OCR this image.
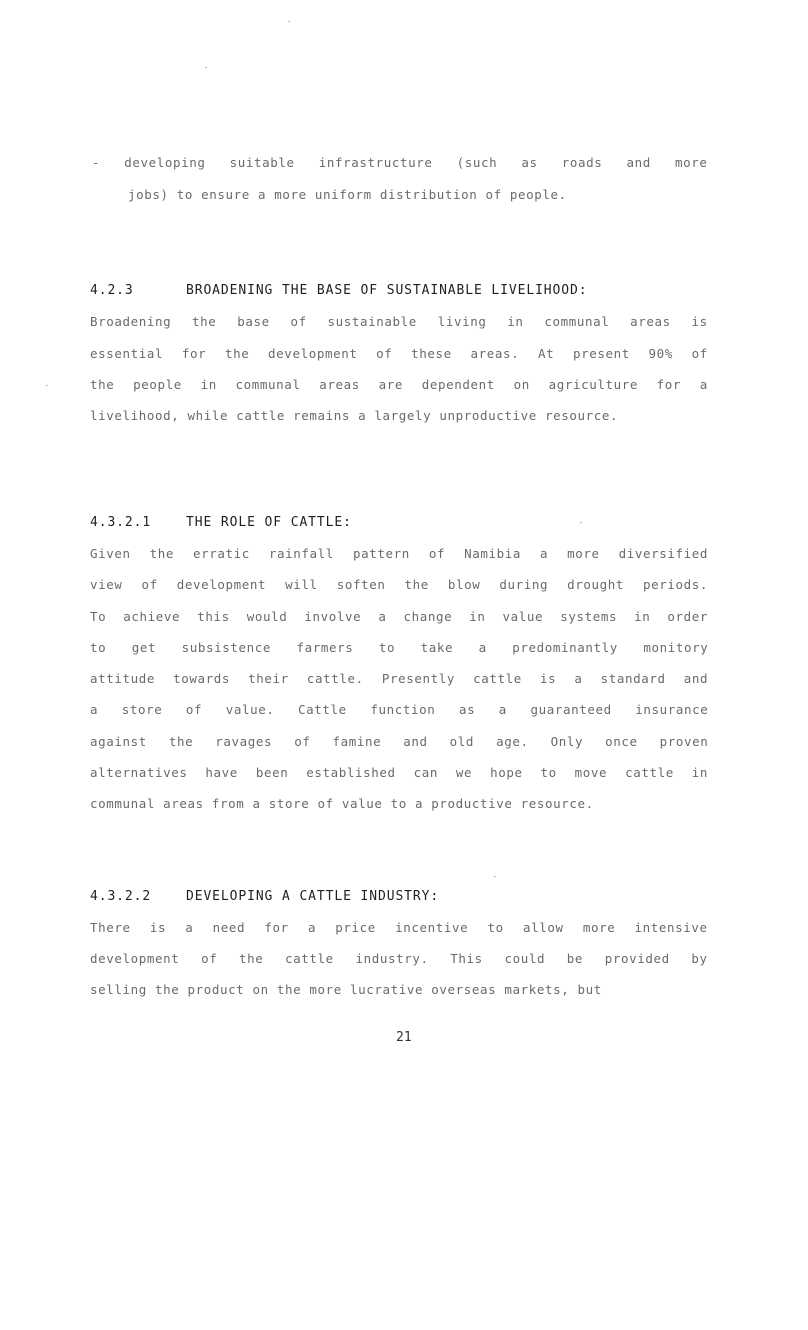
- developing suitable infrastructure (such as roads and more
jobs) to ensure a more uniform distribution of people.
4.2.3	BROADENING THE BASE OF SUSTAINABLE LIVELIHOOD:
Broadening the base of sustainable living in communal areas is
essential for the development of these areas. At present 90% of
the people in communal areas are dependent on agriculture for a
livelihood, while cattle remains a largely unproductive resource.
4.3.2.1	THE ROLE OF CATTLE:
Given the erratic rainfall pattern of Namibia a more diversified
view of development will soften the blow during drought periods.
To achieve this would involve a change in value systems in order
to get subsistence farmers to take a predominantly monitory
attitude towards their cattle. Presently cattle is a standard and
a store of value. Cattle function as a guaranteed insurance
against the ravages of famine and old age. Only once proven
alternatives have been established can we hope to move cattle in
communal areas from a store of value to a productive resource.
4.3.2.2	DEVELOPING A CATTLE INDUSTRY:
There is a need for a price incentive to allow more intensive
development of the cattle industry. This could be provided by
selling the product on the more lucrative overseas markets, but
21
